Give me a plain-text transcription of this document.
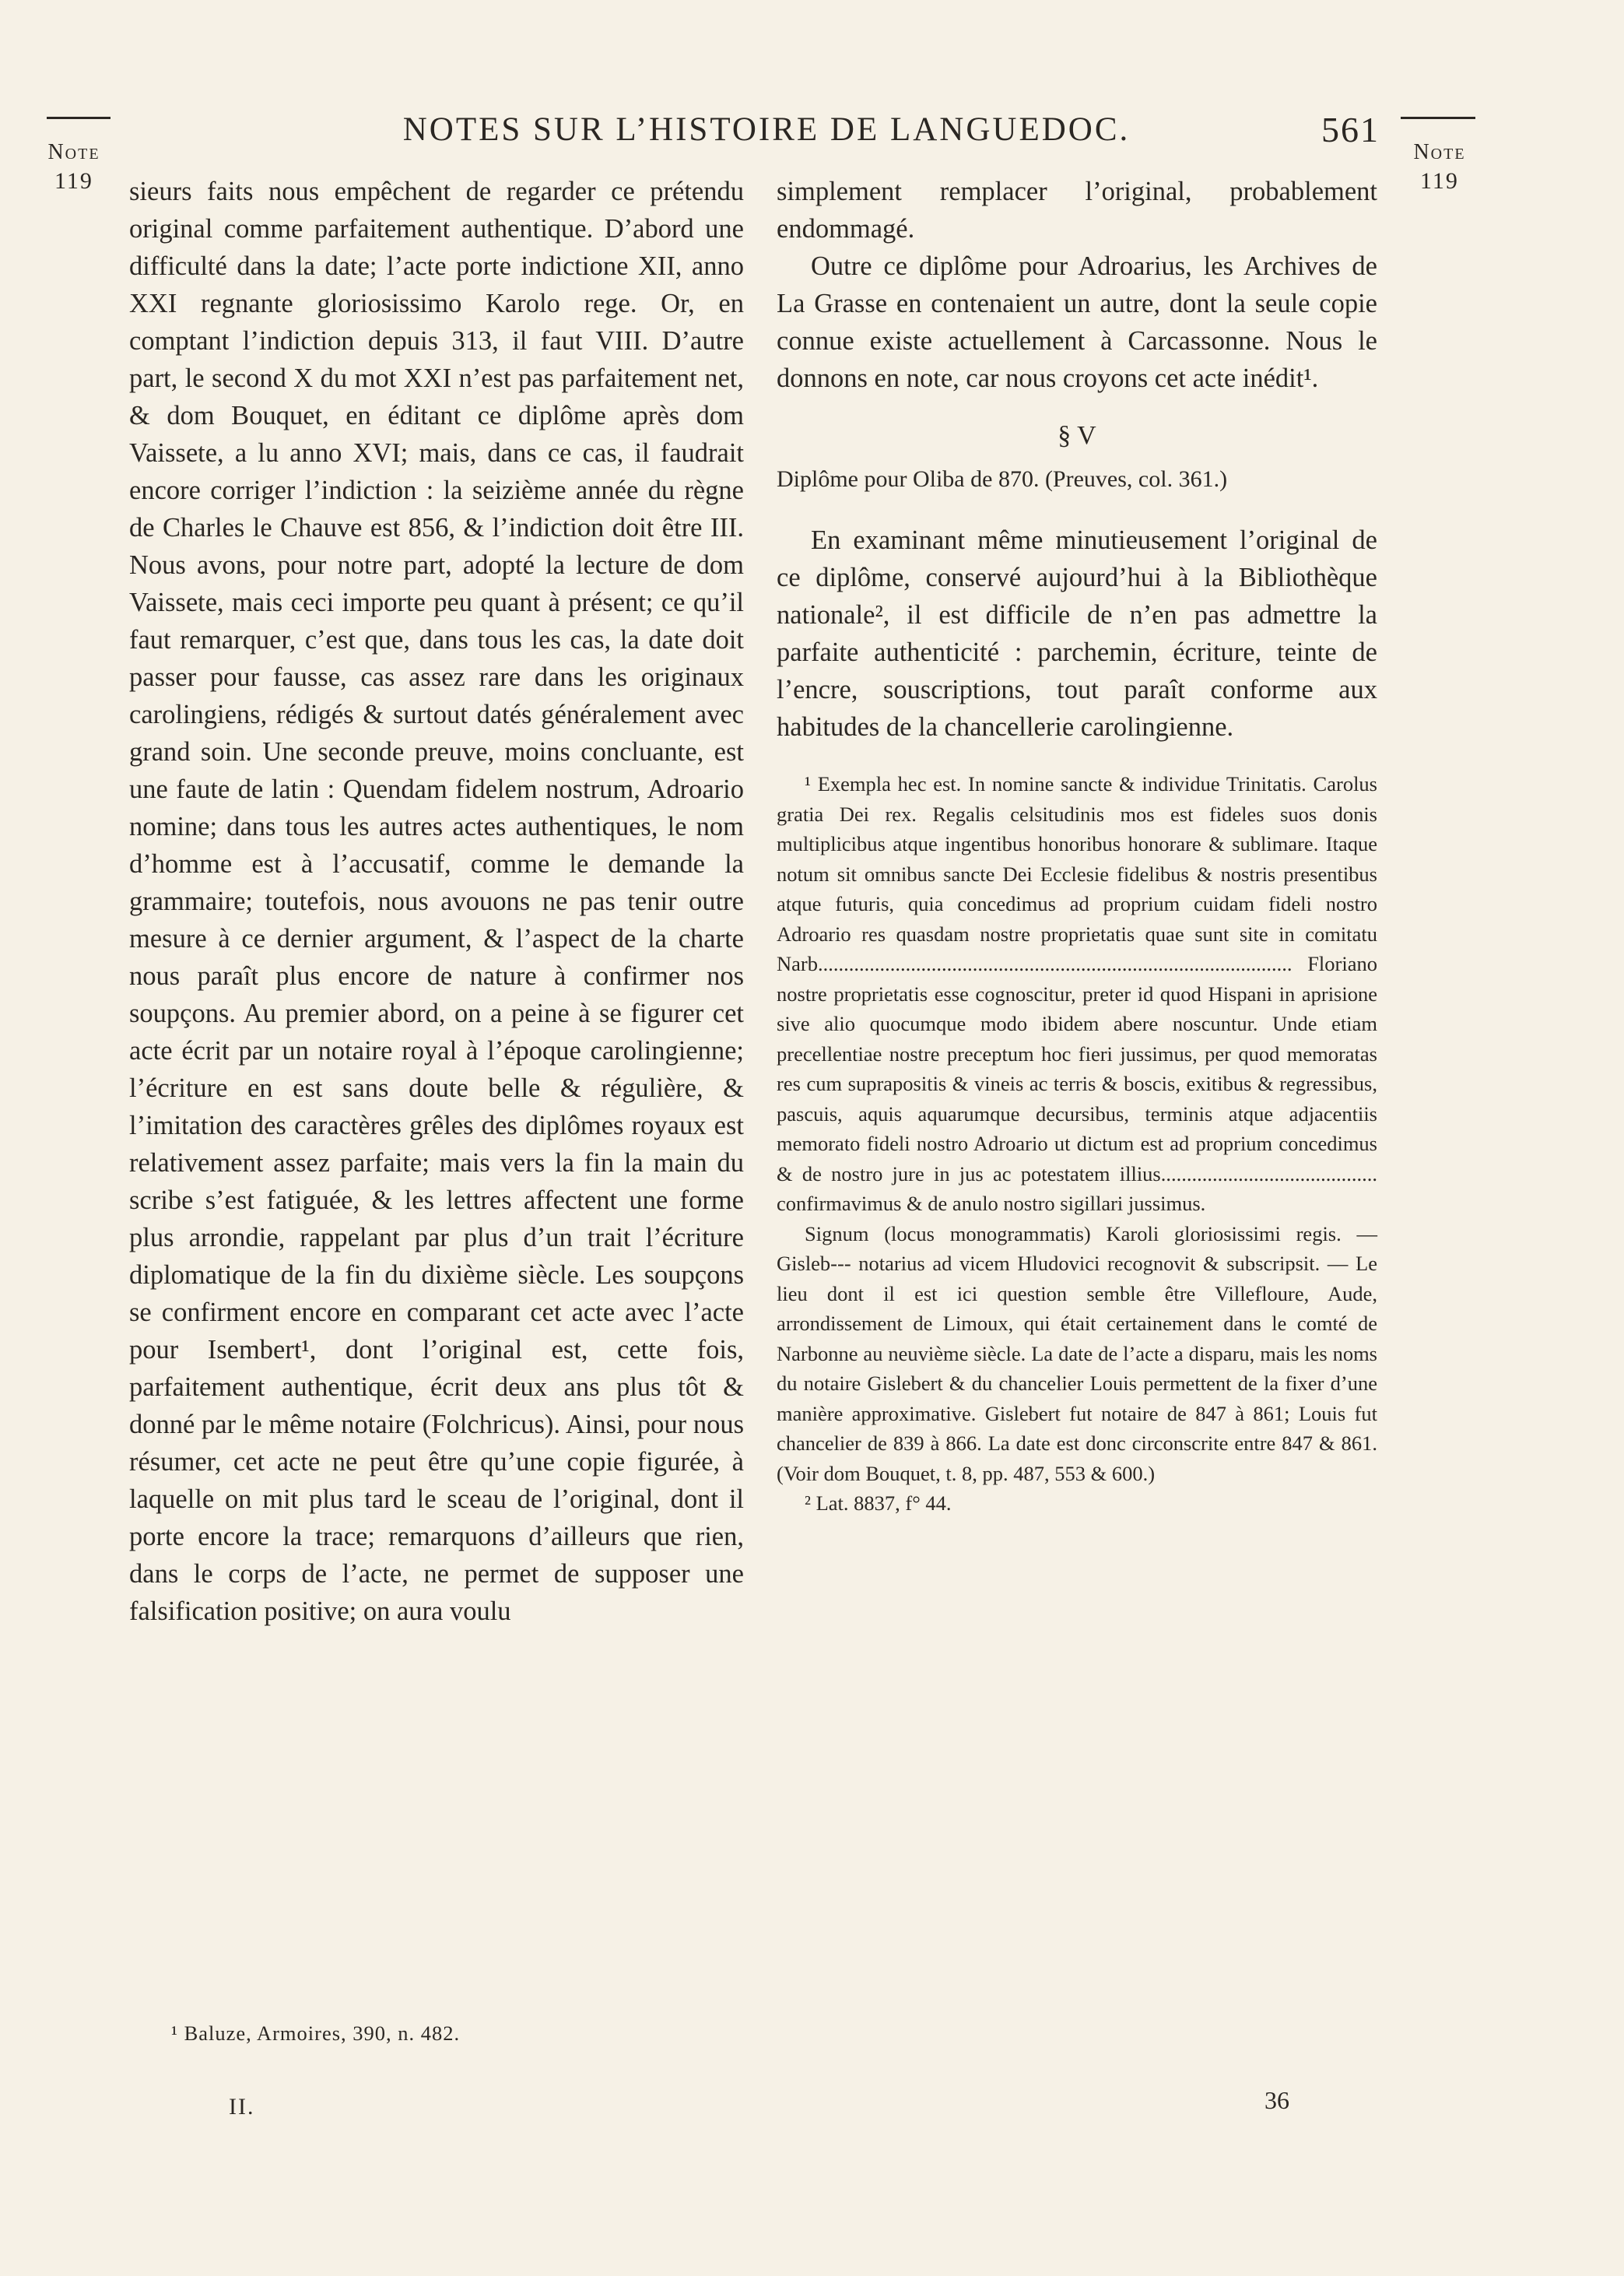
Note
119
Note
119
NOTES SUR L’HISTOIRE DE LANGUEDOC.	561

sieurs faits nous empêchent de regarder ce prétendu original comme parfaitement authentique. D’abord une difficulté dans la date; l’acte porte indictione XII, anno XXI regnante gloriosissimo Karolo rege. Or, en comptant l’indiction depuis 313, il faut VIII. D’autre part, le second X du mot XXI n’est pas parfaitement net, & dom Bouquet, en éditant ce diplôme après dom Vaissete, a lu anno XVI; mais, dans ce cas, il faudrait encore corriger l’indiction : la seizième année du règne de Charles le Chauve est 856, & l’indiction doit être III. Nous avons, pour notre part, adopté la lecture de dom Vaissete, mais ceci importe peu quant à présent; ce qu’il faut remarquer, c’est que, dans tous les cas, la date doit passer pour fausse, cas assez rare dans les originaux carolingiens, rédigés & surtout datés généralement avec grand soin. Une seconde preuve, moins concluante, est une faute de latin : Quendam fidelem nostrum, Adroario nomine; dans tous les autres actes authentiques, le nom d’homme est à l’accusatif, comme le demande la grammaire; toutefois, nous avouons ne pas tenir outre mesure à ce dernier argument, & l’aspect de la charte nous paraît plus encore de nature à confirmer nos soupçons. Au premier abord, on a peine à se figurer cet acte écrit par un notaire royal à l’époque carolingienne; l’écriture en est sans doute belle & régulière, & l’imitation des caractères grêles des diplômes royaux est relativement assez parfaite; mais vers la fin la main du scribe s’est fatiguée, & les lettres affectent une forme plus arrondie, rappelant par plus d’un trait l’écriture diplomatique de la fin du dixième siècle. Les soupçons se confirment encore en comparant cet acte avec l’acte pour Isembert¹, dont l’original est, cette fois, parfaitement authentique, écrit deux ans plus tôt & donné par le même notaire (Folchricus). Ainsi, pour nous résumer, cet acte ne peut être qu’une copie figurée, à laquelle on mit plus tard le sceau de l’original, dont il porte encore la trace; remarquons d’ailleurs que rien, dans le corps de l’acte, ne permet de supposer une falsification positive; on aura voulu

¹ Baluze, Armoires, 390, n. 482.
II.

simplement remplacer l’original, probablement endommagé.

Outre ce diplôme pour Adroarius, les Archives de La Grasse en contenaient un autre, dont la seule copie connue existe actuellement à Carcassonne. Nous le donnons en note, car nous croyons cet acte inédit¹.

§ V

Diplôme pour Oliba de 870. (Preuves, col. 361.)

En examinant même minutieusement l’original de ce diplôme, conservé aujourd’hui à la Bibliothèque nationale², il est difficile de n’en pas admettre la parfaite authenticité : parchemin, écriture, teinte de l’encre, souscriptions, tout paraît conforme aux habitudes de la chancellerie carolingienne.

¹ Exempla hec est. In nomine sancte & individue Trinitatis. Carolus gratia Dei rex. Regalis celsitudinis mos est fideles suos donis multiplicibus atque ingentibus honoribus honorare & sublimare. Itaque notum sit omnibus sancte Dei Ecclesie fidelibus & nostris presentibus atque futuris, quia concedimus ad proprium cuidam fideli nostro Adroario res quasdam nostre proprietatis quae sunt site in comitatu Narb............................................................................................ Floriano nostre proprietatis esse cognoscitur, preter id quod Hispani in aprisione sive alio quocumque modo ibidem abere noscuntur. Unde etiam precellentiae nostre preceptum hoc fieri jussimus, per quod memoratas res cum suprapositis & vineis ac terris & boscis, exitibus & regressibus, pascuis, aquis aquarumque decursibus, terminis atque adjacentiis memorato fideli nostro Adroario ut dictum est ad proprium concedimus & de nostro jure in jus ac potestatem illius.......................................... confirmavimus & de anulo nostro sigillari jussimus.

Signum (locus monogrammatis) Karoli gloriosissimi regis. — Gisleb--- notarius ad vicem Hludovici recognovit & subscripsit. — Le lieu dont il est ici question semble être Villefloure, Aude, arrondissement de Limoux, qui était certainement dans le comté de Narbonne au neuvième siècle. La date de l’acte a disparu, mais les noms du notaire Gislebert & du chancelier Louis permettent de la fixer d’une manière approximative. Gislebert fut notaire de 847 à 861; Louis fut chancelier de 839 à 866. La date est donc circonscrite entre 847 & 861. (Voir dom Bouquet, t. 8, pp. 487, 553 & 600.)

² Lat. 8837, f° 44.

36
